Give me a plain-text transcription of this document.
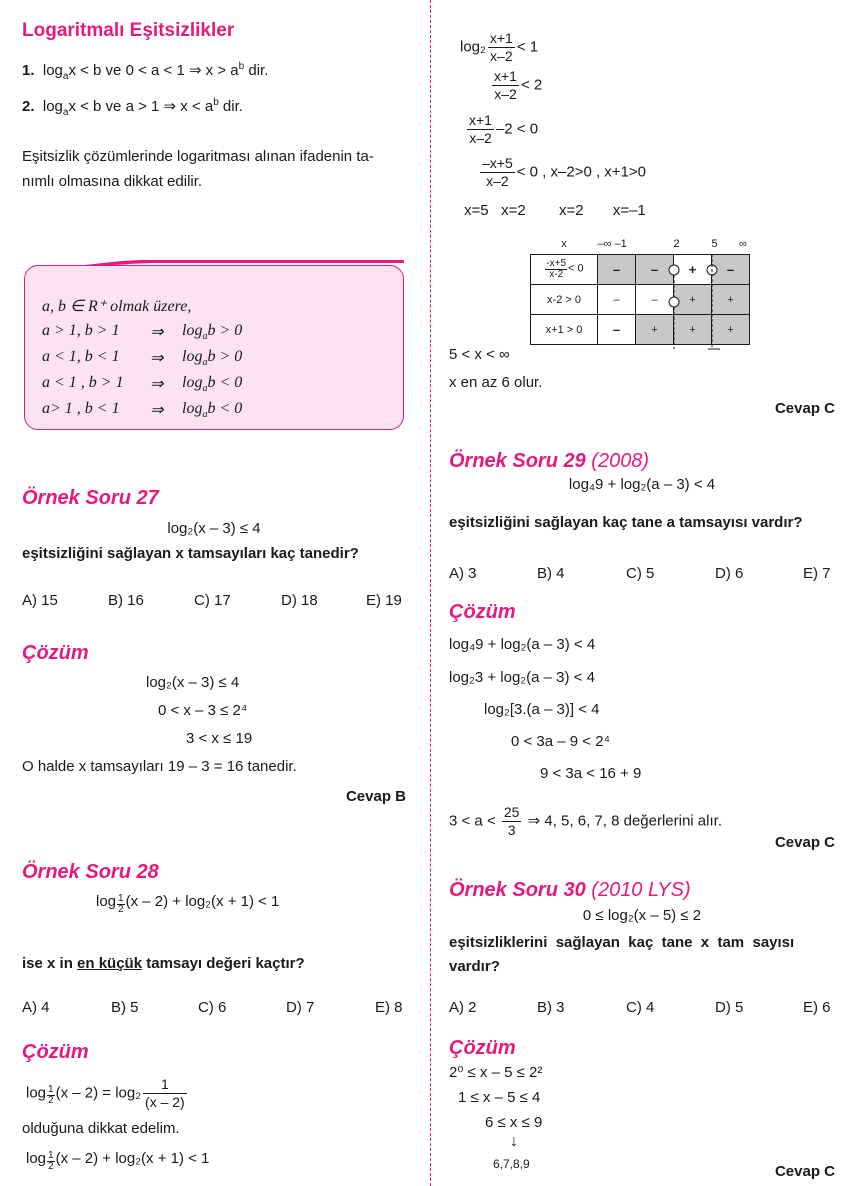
Logaritmalı Eşitsizlikler
1. $\log_ax < b$ ve 0 < a < 1 ⇒ $x > a^b$ dir.
2. $\log_ax < b$ ve a > 1 ⇒ $x < a^b$ dir.
Eşitsizlik çözümlerinde logaritması alınan ifadenin ta-
nımlı olmasına dikkat edilir.
a, b ∈ R⁺ olmak üzere,
a > 1, b > 1 ⇒ $\log_ab > 0$
a < 1, b < 1 ⇒ $\log_ab > 0$
a < 1 , b > 1 ⇒ $\log_ab < 0$
a> 1 , b < 1 ⇒ $\log_ab < 0$
Örnek Soru 27
log₂(x – 3) ≤ 4
eşitsizliğini sağlayan x tamsayıları kaç tanedir?
A) 15	B) 16	C) 17	D) 18	E) 19
Çözüm
log₂(x – 3) ≤ 4
0 < x – 3 ≤ 2⁴
3 < x ≤ 19
O halde x tamsayıları 19 – 3 = 16 tanedir.
Cevap B
Örnek Soru 28
$\log \frac{1}{2} (x - 2) + \log_2(x + 1) < 1$
ise x in en küçük tamsayı değeri kaçtır?
A) 4	B) 5	C) 6	D) 7	E) 8
Çözüm
$\log \frac{1}{2} (x - 2) = \log_2 \frac{1}{(x - 2)}$
olduğuna dikkat edelim.
$\log \frac{1}{2} (x - 2) + \log_2(x + 1) < 1$
$\log_2 \frac{x+1}{x-2} < 1$
$\frac{x+1}{x-2} < 2$
$\frac{x+1}{x-2} -2 < 0$
$\frac{-x+5}{x-2} < 0$ , x–2>0 , x+1>0
x=5   x=2        x=2       x=–1
x	–∞ –1		2	5 ∞

$\frac{-x+5}{x-2} < 0$	–	–	+	–
x-2 > 0	–	–	+	+
x+1 > 0	–	+	+	+
5 < x < ∞
x en az 6 olur.
Cevap C
Örnek Soru 29 (2008)
log₄9 + log₂(a – 3) < 4
eşitsizliğini sağlayan kaç tane a tamsayısı vardır?
A) 3	B) 4	C) 5	D) 6	E) 7
Çözüm
log₄9 + log₂(a – 3) < 4
log₂3 + log₂(a – 3) < 4
log₂[3.(a – 3)] < 4
0 < 3a – 9 < 2⁴
9 < 3a < 16 + 9
$3 < a < \frac{25}{3}$ ⇒ 4, 5, 6, 7, 8 değerlerini alır.
Cevap C
Örnek Soru 30 (2010 LYS)
0 ≤ log₂(x – 5) ≤ 2
eşitsizliklerini  sağlayan  kaç  tane  x  tam  sayısı
vardır?
A) 2	B) 3	C) 4	D) 5	E) 6
Çözüm
2⁰ ≤ x – 5 ≤ 2²
1 ≤ x – 5 ≤ 4
6 ≤ x ≤ 9
↓
6,7,8,9	Cevap C
